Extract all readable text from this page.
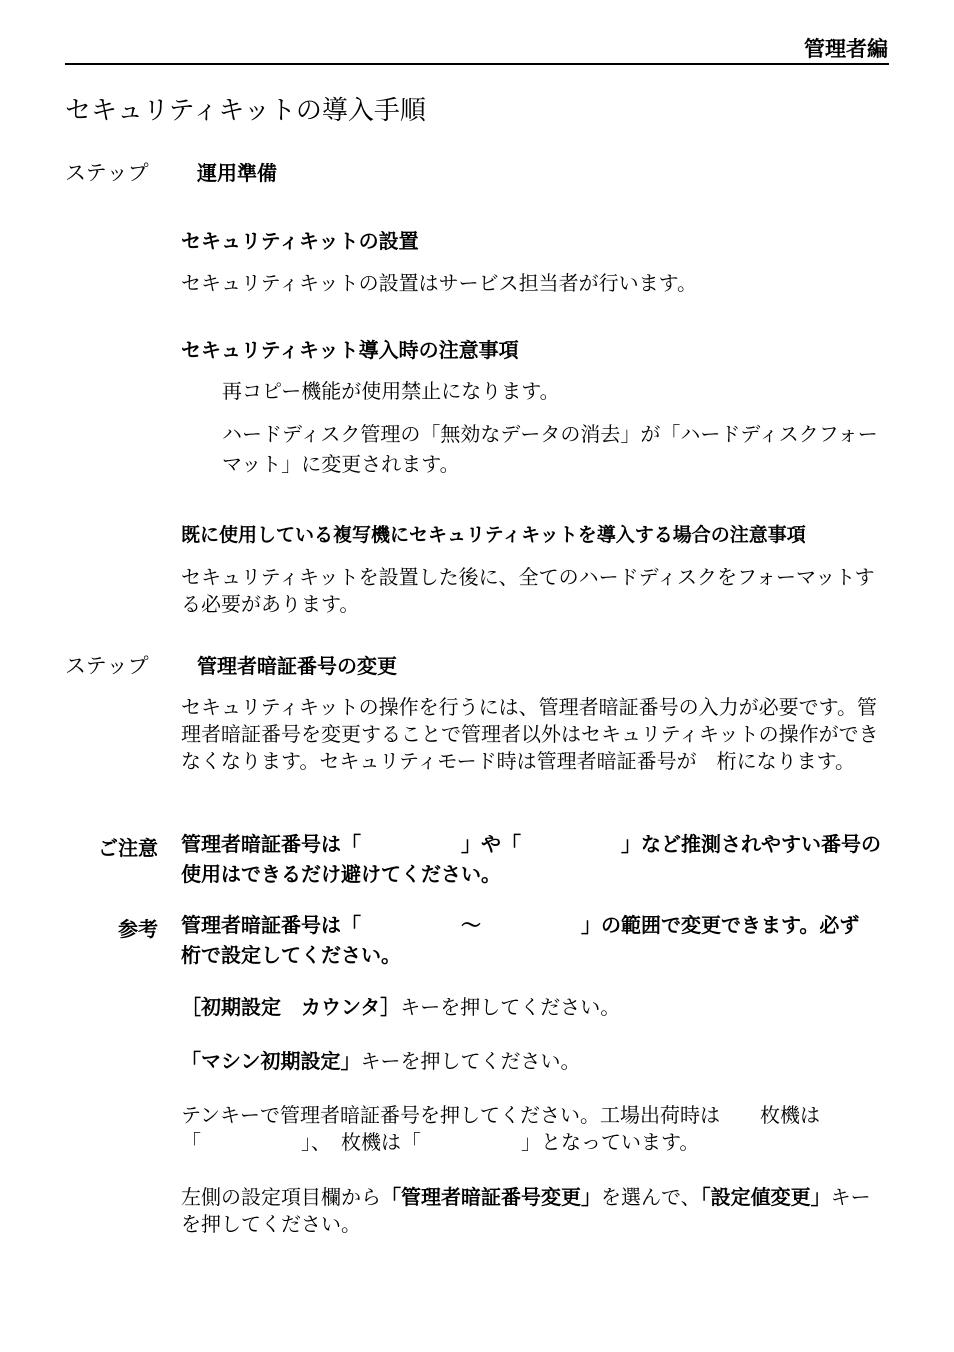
管理者編
セキュリティキットの導入手順
ステップ 運用準備
セキュリティキットの設置
セキュリティキットの設置はサービス担当者が行います。
セキュリティキット導入時の注意事項
再コピー機能が使用禁止になります。
ハードディスク管理の「無効なデータの消去」が「ハードディスクフォーマット」に変更されます。
既に使用している複写機にセキュリティキットを導入する場合の注意事項
セキュリティキットを設置した後に、全てのハードディスクをフォーマットする必要があります。
ステップ 管理者暗証番号の変更
セキュリティキットの操作を行うには、管理者暗証番号の入力が必要です。管理者暗証番号を変更することで管理者以外はセキュリティキットの操作ができなくなります。セキュリティモード時は管理者暗証番号が　桁になります。
ご注意 管理者暗証番号は「　　　　　」や「　　　　　」など推測されやすい番号の使用はできるだけ避けてください。
参考 管理者暗証番号は「　　　　　～　　　　　」の範囲で変更できます。必ず　桁で設定してください。
［初期設定　カウンタ］キーを押してください。
「マシン初期設定」キーを押してください。
テンキーで管理者暗証番号を押してください。工場出荷時は　　枚機は「　　　　　」、　枚機は「　　　　　」となっています。
左側の設定項目欄から「管理者暗証番号変更」を選んで、「設定値変更」キーを押してください。
